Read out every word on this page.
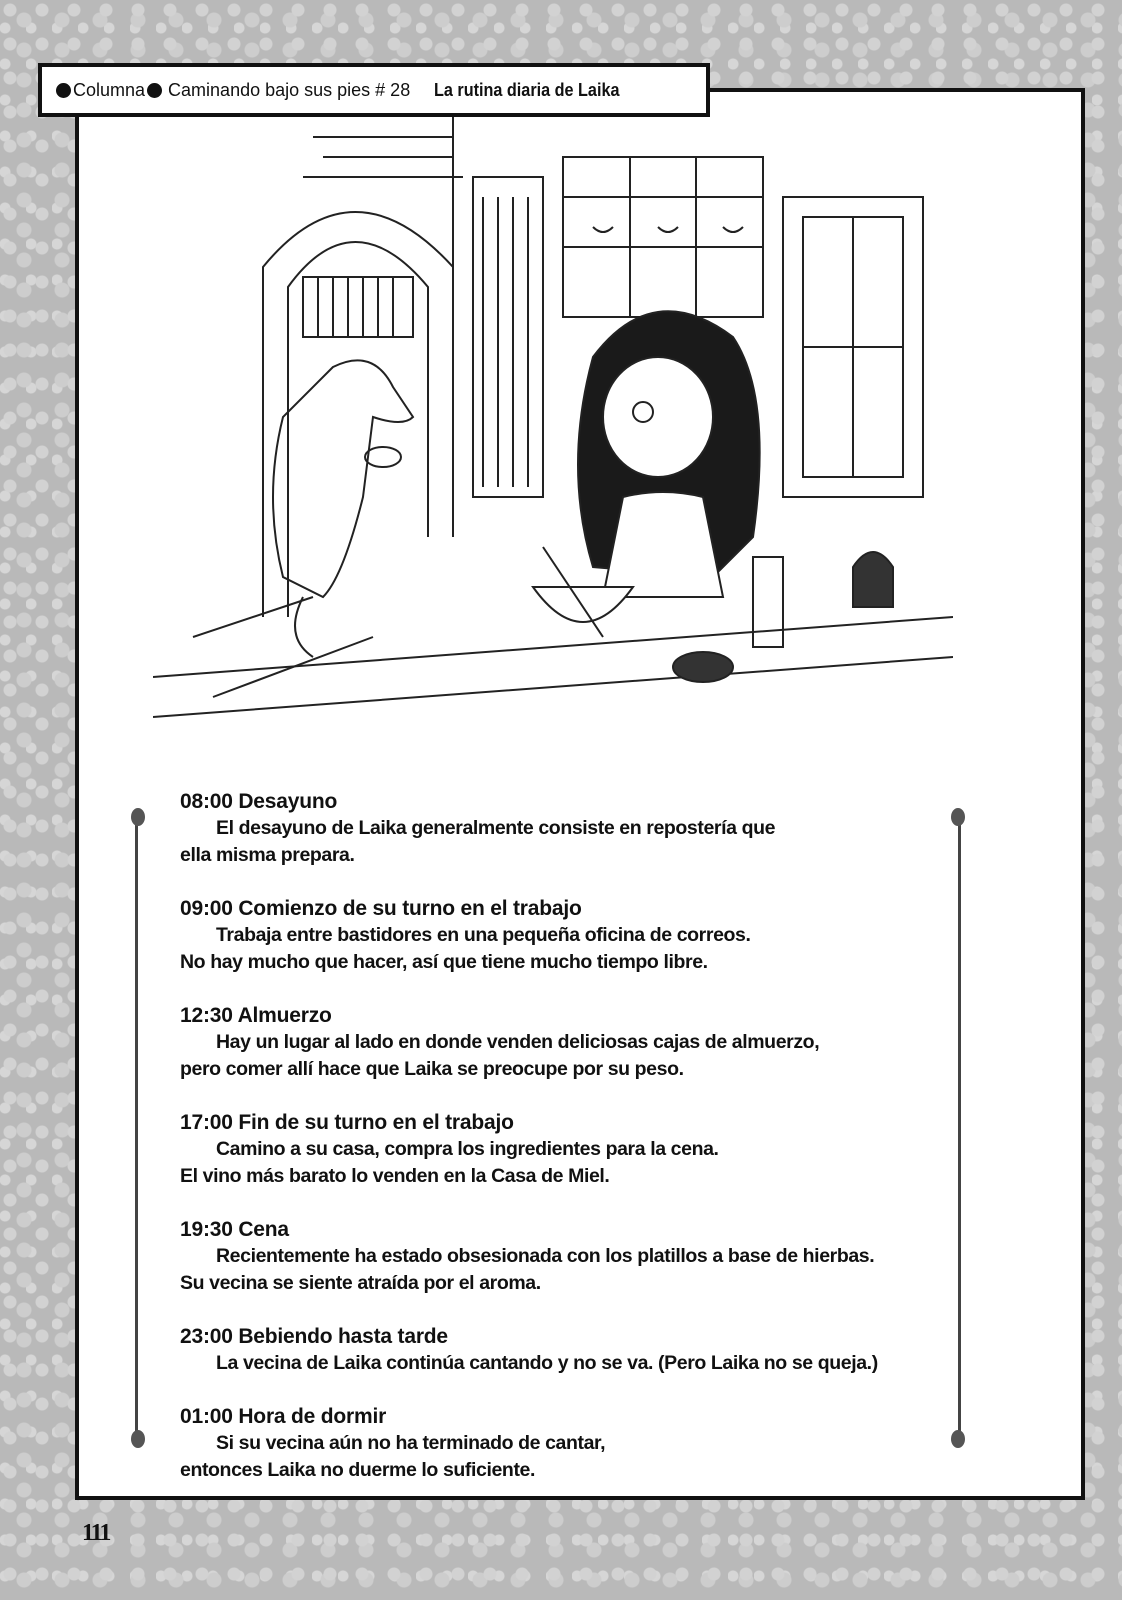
Columna Caminando bajo sus pies # 28 La rutina diaria de Laika
08:00 Desayuno

El desayuno de Laika generalmente consiste en repostería que

ella misma prepara.

09:00 Comienzo de su turno en el trabajo

Trabaja entre bastidores en una pequeña oficina de correos.

No hay mucho que hacer, así que tiene mucho tiempo libre.

12:30 Almuerzo

Hay un lugar al lado en donde venden deliciosas cajas de almuerzo,

pero comer allí hace que Laika se preocupe por su peso.

17:00 Fin de su turno en el trabajo

Camino a su casa, compra los ingredientes para la cena.

El vino más barato lo venden en la Casa de Miel.

19:30 Cena

Recientemente ha estado obsesionada con los platillos a base de hierbas.

Su vecina se siente atraída por el aroma.

23:00 Bebiendo hasta tarde

La vecina de Laika continúa cantando y no se va. (Pero Laika no se queja.)

01:00 Hora de dormir

Si su vecina aún no ha terminado de cantar,

entonces Laika no duerme lo suficiente.

111
